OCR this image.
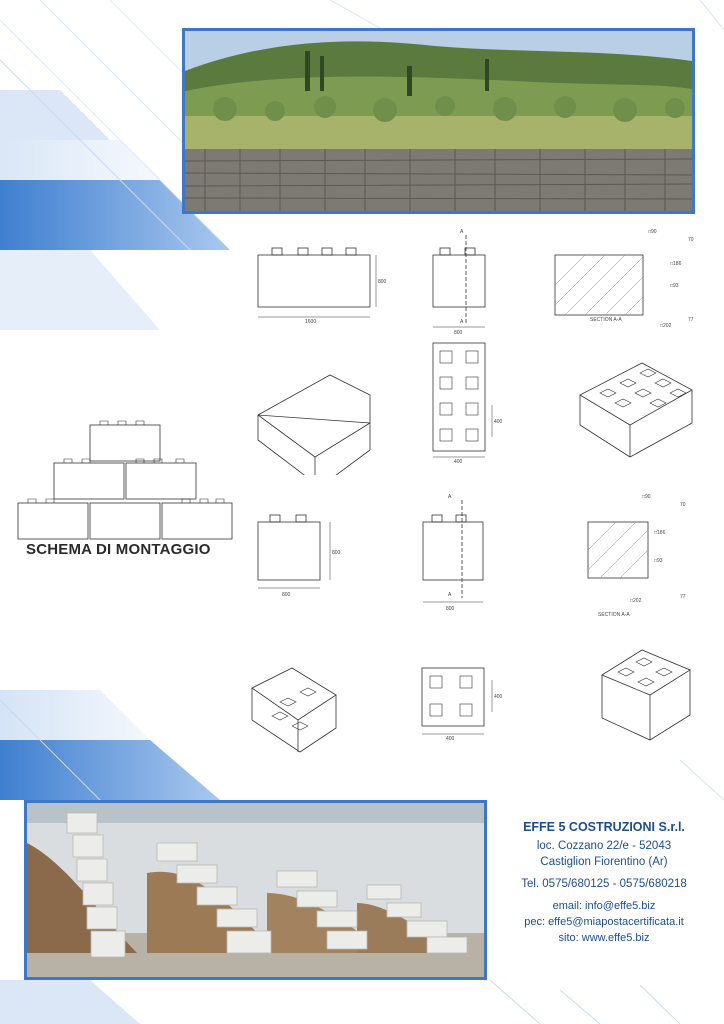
1600
800
800
A
A	SECTION A-A
□90
70
□186
□93
77
□202
400
400
SCHEMA DI MONTAGGIO
800
800
800
A
A
SECTION A-A
□90
70
□186
□93
77
□202
400
400
EFFE 5 COSTRUZIONI S.r.l.
loc. Cozzano 22/e - 52043
Castiglion Fiorentino (Ar)
Tel. 0575/680125 - 0575/680218
email: info@effe5.biz
pec: effe5@miapostacertificata.it
sito: www.effe5.biz
